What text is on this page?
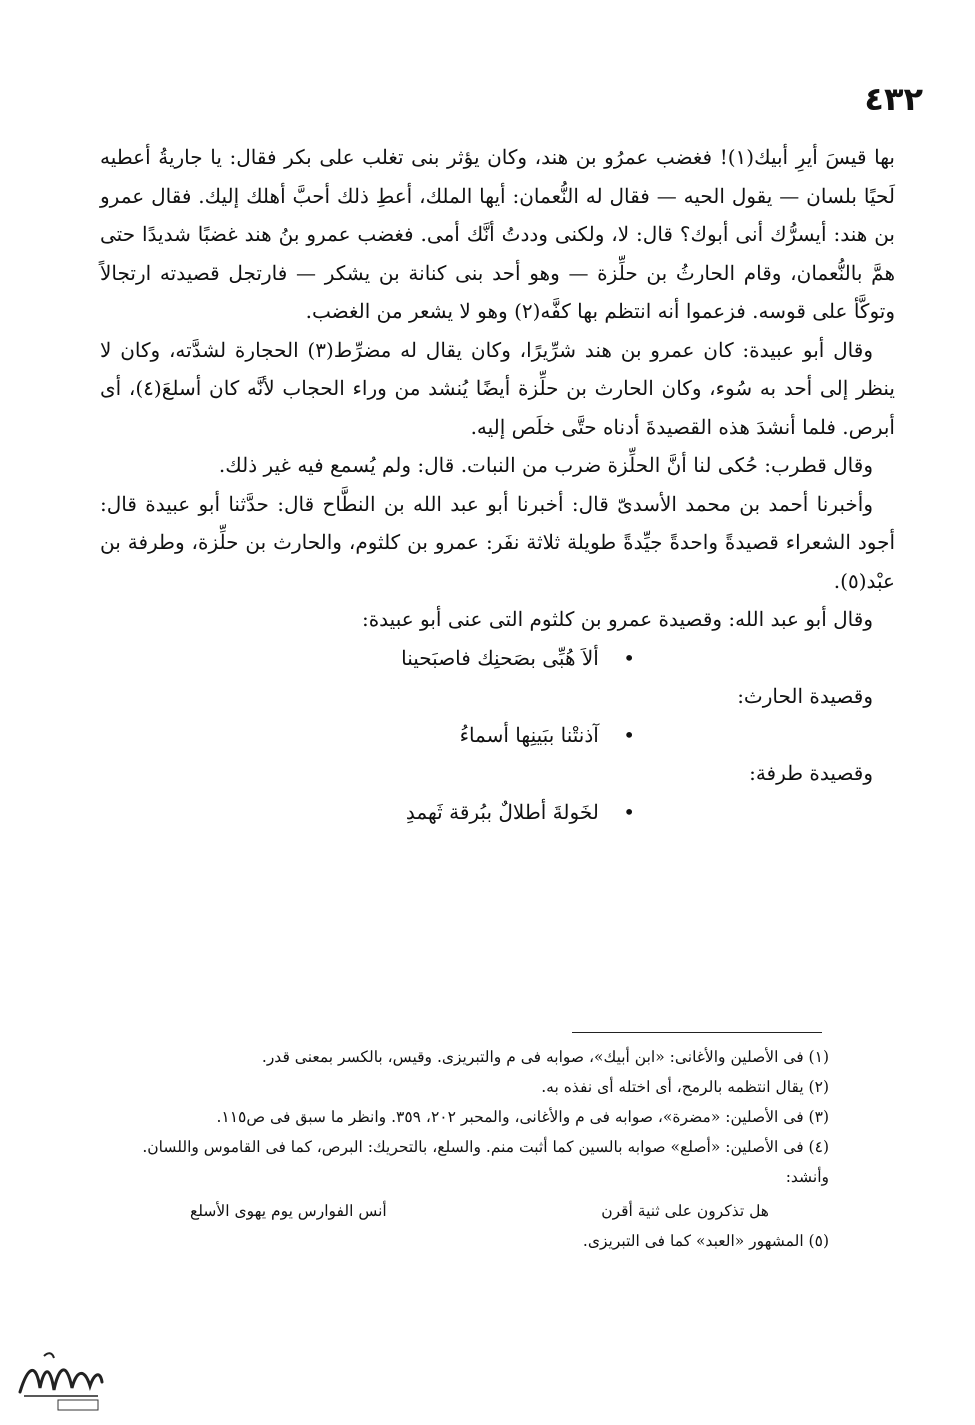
٤٣٢

بها قيسَ أيرِ أبيك(١)! فغضب عمرُو بن هند، وكان يؤثر بنى تغلب على بكر فقال: يا جاريةُ أعطيه لَحيًا بلسان — يقول الحيه — فقال له النُّعمان: أيها الملك، أعطِ ذلك أحبَّ أهلك إليك. فقال عمرو بن هند: أيسرُّك أنى أبوك؟ قال: لا، ولكنى وددتُ أنَّك أمى. فغضب عمرو بنُ هند غضبًا شديدًا حتى همَّ بالنُّعمان، وقام الحارثُ بن حلِّزة — وهو أحد بنى كنانة بن يشكر — فارتجل قصيدته ارتجالاً وتوكَّأ على قوسه. فزعموا أنه انتظم بها كفَّه(٢) وهو لا يشعر من الغضب.

وقال أبو عبيدة: كان عمرو بن هند شرِّيرًا، وكان يقال له مضرِّط(٣) الحجارة لشدَّته، وكان لا ينظر إلى أحد به سُوء، وكان الحارث بن حلِّزة أيضًا يُنشد من وراء الحجاب لأنَّه كان أسلعَ(٤)، أى أبرص. فلما أنشدَ هذه القصيدةَ أدناه حتَّى خلَص إليه.

وقال قطرب: حُكى لنا أنَّ الحلِّزة ضرب من النبات. قال: ولم يُسمع فيه غير ذلك.

وأخبرنا أحمد بن محمد الأسدىّ قال: أخبرنا أبو عبد الله بن النطَّاح قال: حدَّثنا أبو عبيدة قال: أجود الشعراء قصيدةً واحدةً جيِّدةً طويلة ثلاثة نفَر: عمرو بن كلثوم، والحارث بن حلِّزة، وطرفة بن عبْد(٥).

وقال أبو عبد الله: وقصيدة عمرو بن كلثوم التى عنى أبو عبيدة:

• ألاَ هُبِّى بصَحنِك فاصبَحينا

وقصيدة الحارث:

• آذنتْنا ببَينِها أسماءُ

وقصيدة طرفة:

• لخَولةَ أطلالٌ ببُرقة ثَهمدِ

(١) فى الأصلين والأغانى: «ابن أبيك»، صوابه فى م والتبريزى. وقيس، بالكسر بمعنى قدر.

(٢) يقال انتظمه بالرمح، أى اختله أى نفذه به.

(٣) فى الأصلين: «مضرة»، صوابه فى م والأغانى، والمحبر ٢٠٢، ٣٥٩. وانظر ما سبق فى ص١١٥.

(٤) فى الأصلين: «أصلع» صوابه بالسين كما أثبت منم. والسلع، بالتحريك: البرص، كما فى القاموس واللسان. وأنشد:

هل تذكرون على ثنية أقرن
أنس الفوارس يوم يهوى الأسلع

(٥) المشهور «العبد» كما فى التبريزى.
